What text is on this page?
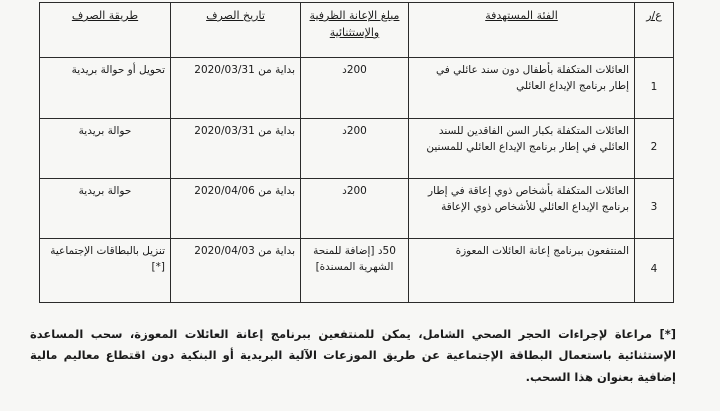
طريقة الصرف	تاريخ الصرف	مبلغ الإعانة الظرفية والإستثنائية	الفئة المستهدفة	ع/ر
تحويل أو حوالة بريدية	بداية من 2020/03/31	200د	العائلات المتكفلة بأطفال دون سند عائلي في إطار برنامج الإيداع العائلي	1
حوالة بريدية	بداية من 2020/03/31	200د	العائلات المتكفلة بكبار السن الفاقدين للسند العائلي في إطار برنامج الإيداع العائلي للمسنين	2
حوالة بريدية	بداية من 2020/04/06	200د	العائلات المتكفلة بأشخاص ذوي إعاقة في إطار برنامج الإيداع العائلي للأشخاص ذوي الإعاقة	3
تنزيل بالبطاقات الإجتماعية [*]	بداية من 2020/04/03	50د [إضافة للمنحة الشهرية المسندة]	المنتفعون ببرنامج إعانة العائلات المعوزة	4

[*] مراعاة لإجراءات الحجر الصحي الشامل، يمكن للمنتفعين ببرنامج إعانة العائلات المعوزة، سحب المساعدة الإستثنائية باستعمال البطاقة الإجتماعية عن طريق الموزعات الآلية البريدية أو البنكية دون اقتطاع معاليم مالية إضافية بعنوان هذا السحب.
